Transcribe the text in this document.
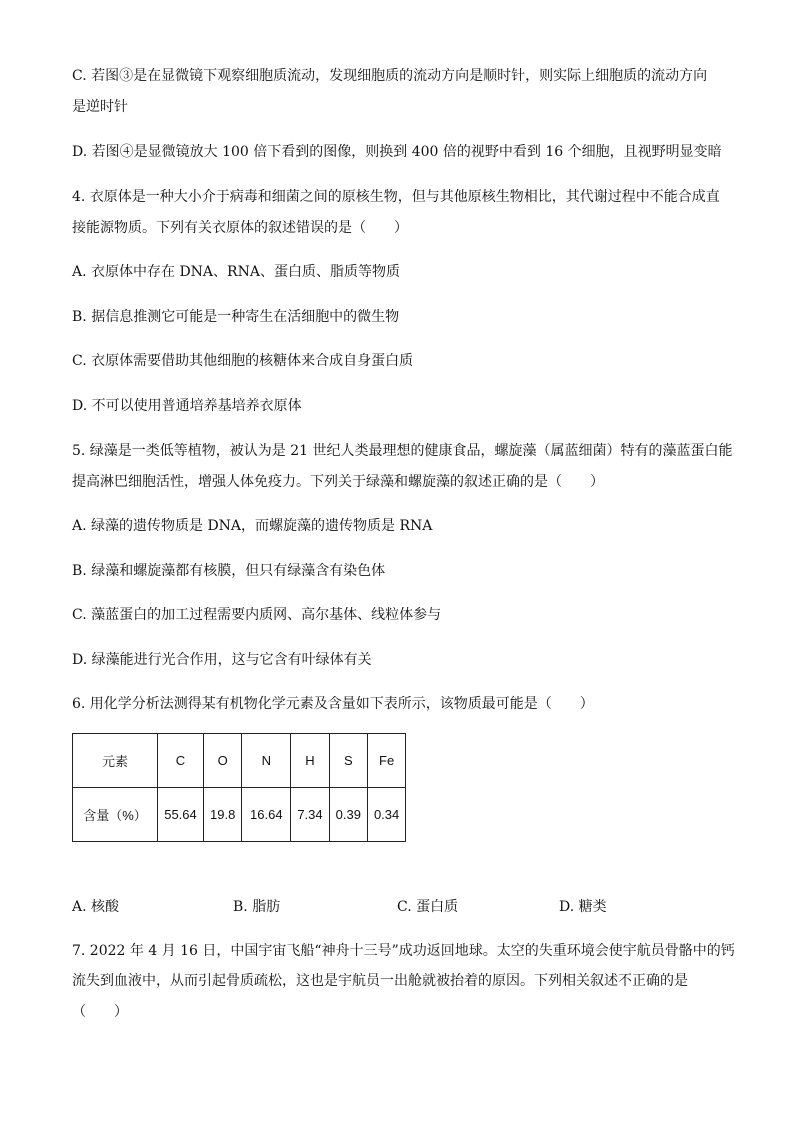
C. 若图③是在显微镜下观察细胞质流动，发现细胞质的流动方向是顺时针，则实际上细胞质的流动方向
是逆时针
D. 若图④是显微镜放大 100 倍下看到的图像，则换到 400 倍的视野中看到 16 个细胞，且视野明显变暗
4. 衣原体是一种大小介于病毒和细菌之间的原核生物，但与其他原核生物相比，其代谢过程中不能合成直
接能源物质。下列有关衣原体的叙述错误的是（　　）
A. 衣原体中存在 DNA、RNA、蛋白质、脂质等物质
B. 据信息推测它可能是一种寄生在活细胞中的微生物
C. 衣原体需要借助其他细胞的核糖体来合成自身蛋白质
D. 不可以使用普通培养基培养衣原体
5. 绿藻是一类低等植物，被认为是 21 世纪人类最理想的健康食品，螺旋藻（属蓝细菌）特有的藻蓝蛋白能
提高淋巴细胞活性，增强人体免疫力。下列关于绿藻和螺旋藻的叙述正确的是（　　）
A. 绿藻的遗传物质是 DNA，而螺旋藻的遗传物质是 RNA
B. 绿藻和螺旋藻都有核膜，但只有绿藻含有染色体
C. 藻蓝蛋白的加工过程需要内质网、高尔基体、线粒体参与
D. 绿藻能进行光合作用，这与它含有叶绿体有关
6. 用化学分析法测得某有机物化学元素及含量如下表所示，该物质最可能是（　　）
元素	C	O	N	H	S	Fe
含量（%）	55.64	19.8	16.64	7.34	0.39	0.34
A. 核酸	B. 脂肪	C. 蛋白质	D. 糖类
7. 2022 年 4 月 16 日，中国宇宙飞船“神舟十三号”成功返回地球。太空的失重环境会使宇航员骨骼中的钙
流失到血液中，从而引起骨质疏松，这也是宇航员一出舱就被抬着的原因。下列相关叙述不正确的是
（　　）
